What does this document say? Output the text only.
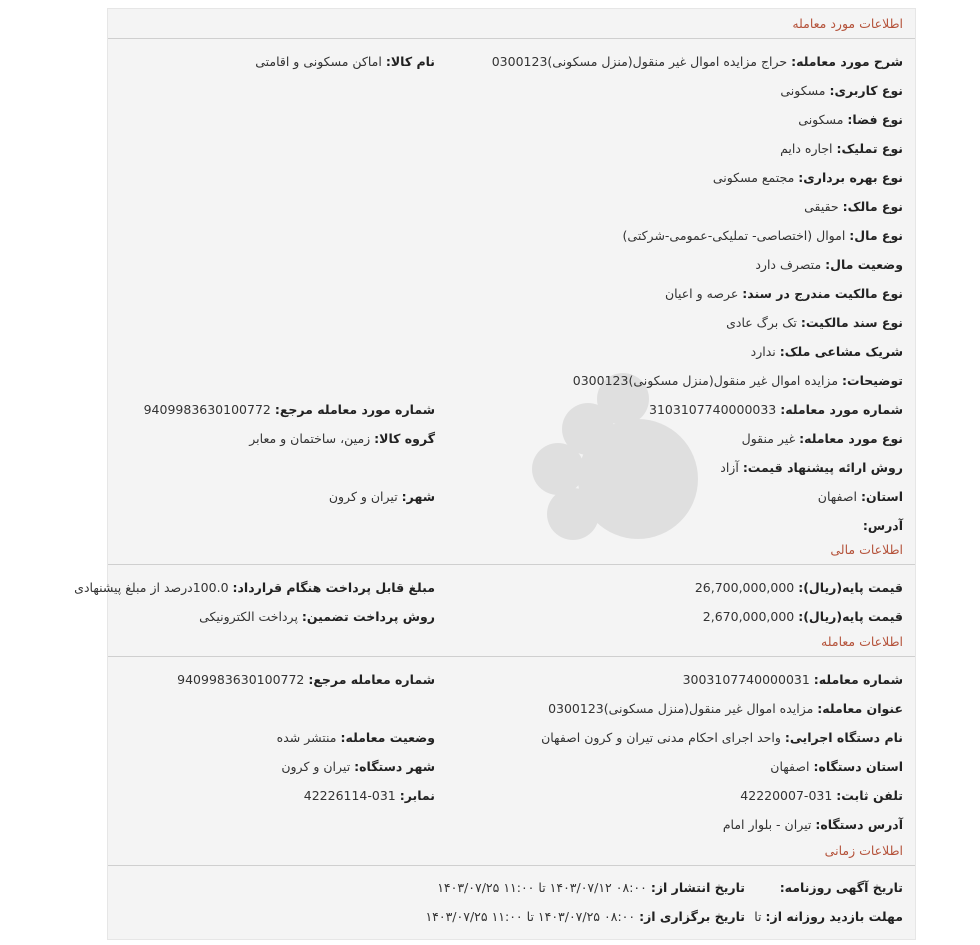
اطلاعات مورد معامله
شرح مورد معامله: حراج مزایده اموال غیر منقول(منزل مسکونی)0300123
نام کالا: اماکن مسکونی و اقامتی
نوع کاربری: مسکونی
نوع فضا: مسکونی
نوع تملیک: اجاره دایم
نوع بهره برداری: مجتمع مسکونی
نوع مالک: حقیقی
نوع مال: اموال (اختصاصی- تملیکی-عمومی-شرکتی)
وضعیت مال: متصرف دارد
نوع مالکیت مندرج در سند: عرصه و اعیان
نوع سند مالکیت: تک برگ عادی
شریک مشاعی ملک: ندارد
توضیحات: مزایده اموال غیر منقول(منزل مسکونی)0300123
شماره مورد معامله: 3103107740000033
شماره مورد معامله مرجع: 9409983630100772
نوع مورد معامله: غیر منقول
گروه کالا: زمین، ساختمان و معابر
روش ارائه پیشنهاد قیمت: آزاد
استان: اصفهان
شهر: تیران و کرون
آدرس:
اطلاعات مالی
قیمت پایه(ریال): 26,700,000,000
مبلغ قابل پرداخت هنگام قرارداد: 100.0درصد از مبلغ پیشنهادی
قیمت پایه(ریال): 2,670,000,000
روش پرداخت تضمین: پرداخت الکترونیکی
اطلاعات معامله
شماره معامله: 3003107740000031
شماره معامله مرجع: 9409983630100772
عنوان معامله: مزایده اموال غیر منقول(منزل مسکونی)0300123
نام دستگاه اجرایی: واحد اجرای احکام مدنی تیران و کرون اصفهان
وضعیت معامله: منتشر شده
استان دستگاه: اصفهان
شهر دستگاه: تیران و کرون
تلفن ثابت: 031-42220007
نمابر: 031-42226114
آدرس دستگاه: تیران - بلوار امام
اطلاعات زمانی
تاریخ آگهی روزنامه:
تاریخ انتشار از: ۰۸:۰۰ ۱۴۰۳/۰۷/۱۲ تا ۱۱:۰۰ ۱۴۰۳/۰۷/۲۵
مهلت بازدید روزانه از: تا
تاریخ برگزاری از: ۰۸:۰۰ ۱۴۰۳/۰۷/۲۵ تا ۱۱:۰۰ ۱۴۰۳/۰۷/۲۵
